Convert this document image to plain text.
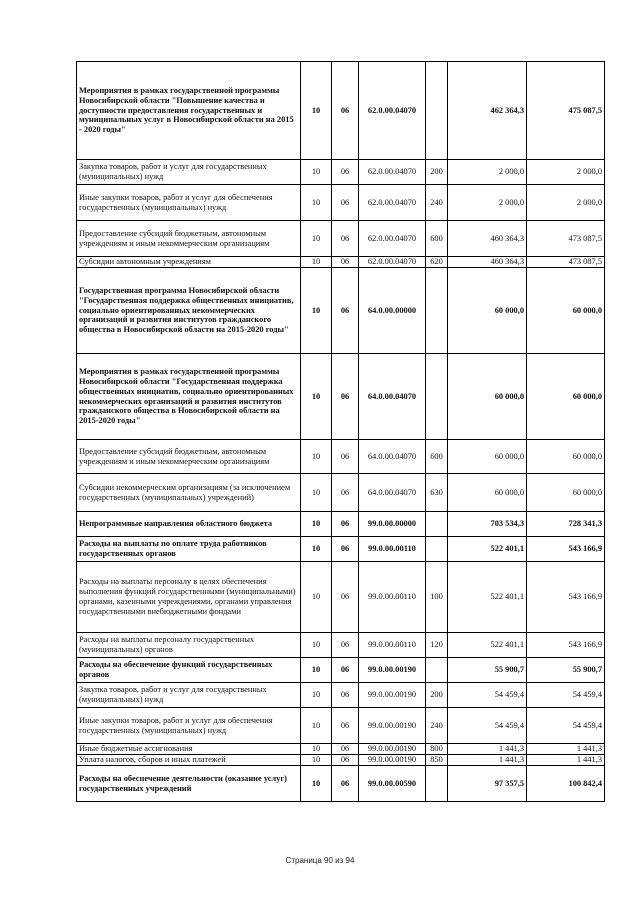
Мероприятия в рамках государственной программы Новосибирской области "Повышение качества и доступности предоставления государственных и муниципальных услуг в Новосибирской области на 2015 - 2020 годы"	10	06	62.0.00.04070		462 364,3	475 087,5
Закупка товаров, работ и услуг для государственных (муниципальных) нужд	10	06	62.0.00.04070	200	2 000,0	2 000,0
Иные закупки товаров, работ и услуг для обеспечения государственных (муниципальных) нужд	10	06	62.0.00.04070	240	2 000,0	2 000,0
Предоставление субсидий бюджетным, автономным учреждениям и иным некоммерческим организациям	10	06	62.0.00.04070	600	460 364,3	473 087,5
Субсидии автономным учреждениям	10	06	62.0.00.04070	620	460 364,3	473 087,5
Государственная программа Новосибирской области "Государственная поддержка общественных инициатив, социально ориентированных некоммерческих организаций и развития институтов гражданского общества в Новосибирской области на 2015-2020 годы"	10	06	64.0.00.00000		60 000,0	60 000,0
Мероприятия в рамках государственной программы Новосибирской области "Государственная поддержка общественных инициатив, социально ориентированных некоммерческих организаций и развития институтов гражданского общества в Новосибирской области на 2015-2020 годы"	10	06	64.0.00.04070		60 000,0	60 000,0
Предоставление субсидий бюджетным, автономным учреждениям и иным некоммерческим организациям	10	06	64.0.00.04070	600	60 000,0	60 000,0
Субсидии некоммерческим организациям (за исключением государственных (муниципальных) учреждений)	10	06	64.0.00.04070	630	60 000,0	60 000,0
Непрограммные направления областного бюджета	10	06	99.0.00.00000		703 534,3	728 341,3
Расходы на выплаты по оплате труда работников государственных органов	10	06	99.0.00.00110		522 401,1	543 166,9
Расходы на выплаты персоналу в целях обеспечения выполнения функций государственными (муниципальными) органами, казенными учреждениями, органами управления государственными внебюджетными фондами	10	06	99.0.00.00110	100	522 401,1	543 166,9
Расходы на выплаты персоналу государственных (муниципальных) органов	10	06	99.0.00.00110	120	522 401,1	543 166,9
Расходы на обеспечение функций государственных органов	10	06	99.0.00.00190		55 900,7	55 900,7
Закупка товаров, работ и услуг для государственных (муниципальных) нужд	10	06	99.0.00.00190	200	54 459,4	54 459,4
Иные закупки товаров, работ и услуг для обеспечения государственных (муниципальных) нужд	10	06	99.0.00.00190	240	54 459,4	54 459,4
Иные бюджетные ассигнования	10	06	99.0.00.00190	800	1 441,3	1 441,3
Уплата налогов, сборов и иных платежей	10	06	99.0.00.00190	850	1 441,3	1 441,3
Расходы на обеспечение деятельности (оказание услуг) государственных учреждений	10	06	99.0.00.00590		97 357,5	100 842,4
Страница 90 из 94
